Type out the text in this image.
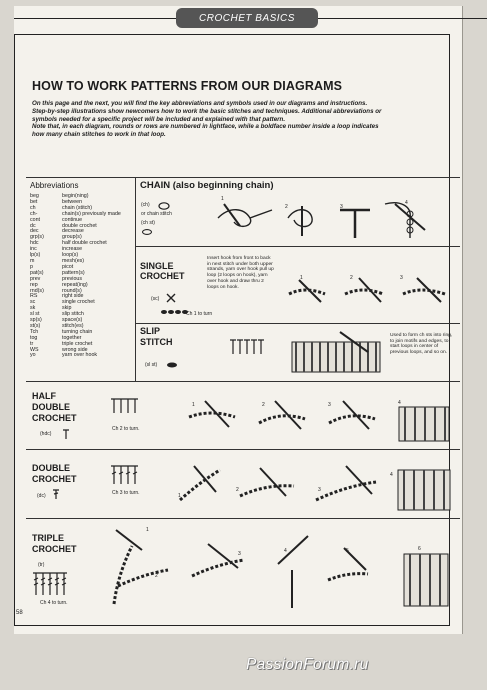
CROCHET BASICS
HOW TO WORK PATTERNS FROM OUR DIAGRAMS

On this page and the next, you will find the key abbreviations and symbols used in our diagrams and instructions.

Step-by-step illustrations show newcomers how to work the basic stitches and techniques. Additional abbreviations or

symbols needed for a specific project will be included and explained with that pattern.

Note that, in each diagram, rounds or rows are numbered in lightface, while a boldface number inside a loop indicates

how many chain stitches to work in that loop.

Abbreviations
beg	begin(ning)
bet	between
ch	chain (stitch)
ch-	chain(s) previously made
cont	continue
dc	double crochet
dec	decrease
grp(s)	group(s)
hdc	half double crochet
inc	increase
lp(s)	loop(s)
m	mesh(es)
p	picot
pat(s)	pattern(s)
prev	previous
rep	repeat(ing)
rnd(s)	round(s)
RS	right side
sc	single crochet
sk	skip
sl st	slip stitch
sp(s)	space(s)
st(s)	stitch(es)
Tch	turning chain
tog	together
tr	triple crochet
WS	wrong side
yo	yarn over hook
CHAIN (also beginning chain)
(ch)
or chain stitch
(ch st)
1
2	3
4
SINGLE
CROCHET
(sc)
Ch 1 to turn
Insert hook from front to back in next stitch under both upper strands, yarn over hook pull up loop (2 loops on hook), yarn over hook and draw thru 2 loops on hook.
1	2	3
SLIP
STITCH
(sl st)
Used to form ch sts into ring, to join motifs and edges, to start loops in center of previous loops, and so on.
HALF
DOUBLE
CROCHET
(hdc)
Ch 2 to turn.
1	2	3	4
DOUBLE
CROCHET
(dc)	Ch 3 to turn.	1
2	3
4
TRIPLE
CROCHET
(tr)
Ch 4 to turn.
1
2
3	4	5	6
58
PassionForum.ru
